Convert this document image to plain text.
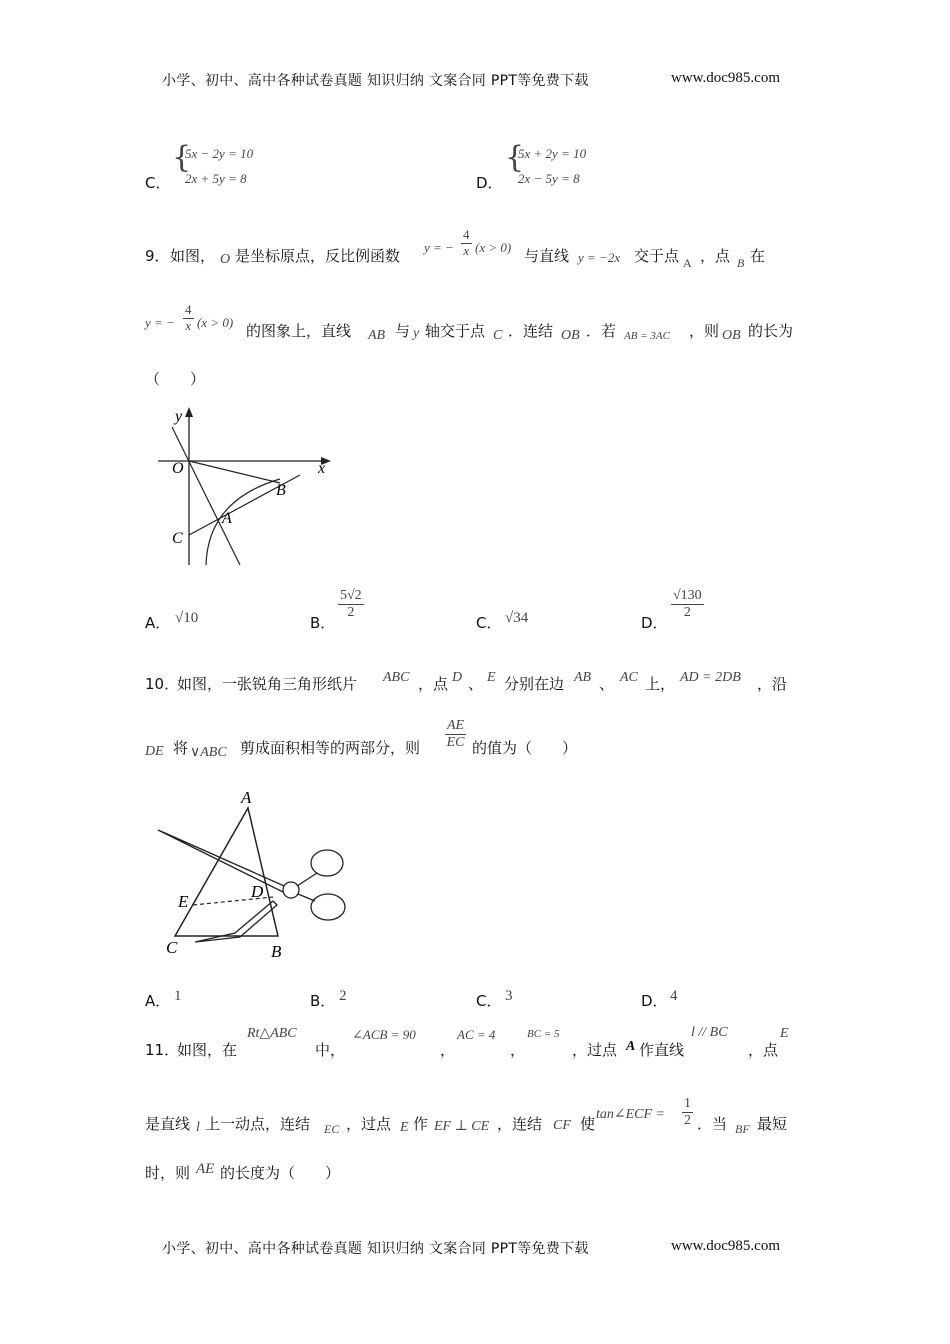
小学、初中、高中各种试卷真题 知识归纳 文案合同 PPT等免费下载	www.doc985.com
C．
{
5x − 2y = 10
2x + 5y = 8	D．
{
5x + 2y = 10
2x − 5y = 8
9． 如图， O 是坐标原点，反比例函数 y = − $\frac{4}{x} (x > 0)$ 与直线 y = −2x 交于点 A ，点 B 在
y = − $\frac{4}{x} (x > 0)$ 的图象上，直线 AB 与 y 轴交于点 C ．连结 OB ．若 AB = 3AC ，则 OB 的长为
（　　）
y
x
O
B
A
C
A． √10	B．
$\frac{5√2}{2}$
C． √34	D．
$\frac{√130}{2}$
10．
如图，一张锐角三角形纸片 ABC ，点 D 、 E 分别在边 AB 、 AC 上， AD = 2DB ，沿
DE 将 ∨ABC 剪成面积相等的两部分，则 $\frac{AE}{EC}$ 的值为（　　）
A
D
E
C	B
A． 1	B． 2	C． 3	D． 4
11．
如图，在
Rt△ABC
中，
∠ACB = 90
，
AC = 4
，
BC = 5
，过点 A 作直线
l // BC
，点
E
是直线 l 上一动点，连结 EC ，过点 E 作 EF ⊥ CE ，连结 CF 使
tan∠ECF = $\frac{1}{2}$ ．当 BF 最短
时，则 AE 的长度为（　　）
小学、初中、高中各种试卷真题 知识归纳 文案合同 PPT等免费下载	www.doc985.com
